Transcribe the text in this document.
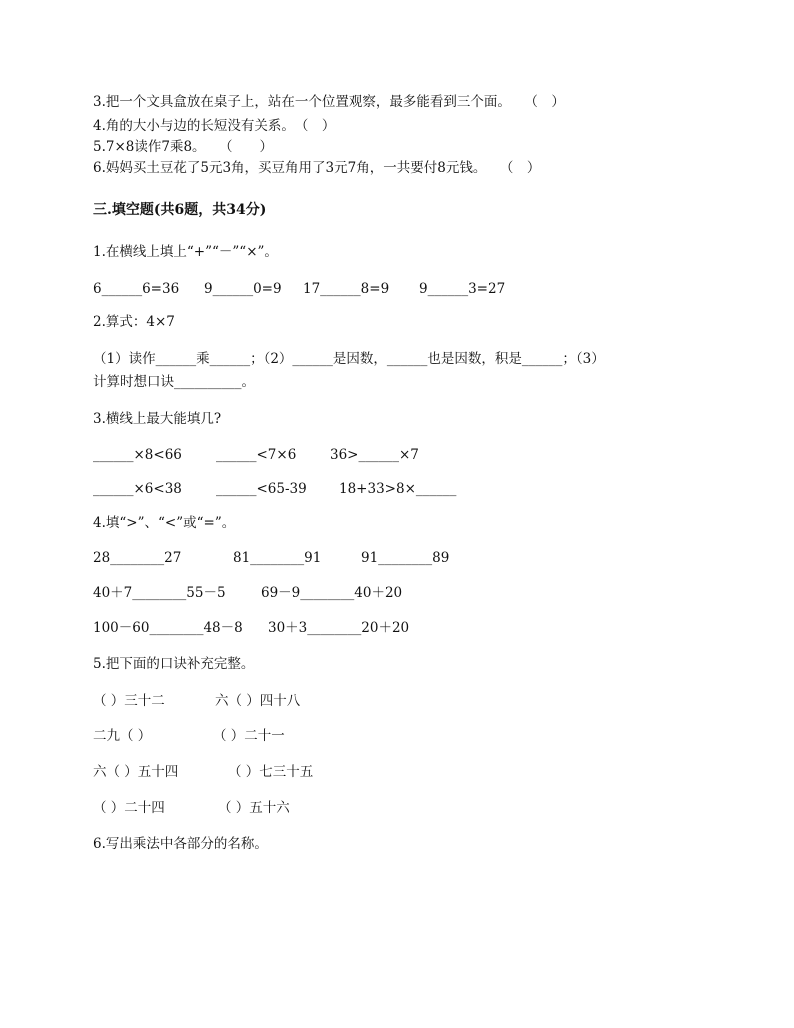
3.把一个文具盒放在桌子上，站在一个位置观察，最多能看到三个面。　　（　）
4.角的大小与边的长短没有关系。　（　）
5.7×8读作7乘8。　　（　　）
6.妈妈买土豆花了5元3角，买豆角用了3元7角，一共要付8元钱。　　（　）
三.填空题(共6题，共34分)
1.在横线上填上“+”“－”“×”。
6______6=36 9______0=9 17______8=9 9______3=27
2.算式：4×7
（1）读作______乘______；（2）______是因数，______也是因数，积是______；（3）
计算时想口诀__________。
3.横线上最大能填几?
______×8<66	______<7×6 36>______×7
______×6<38	______<65-39 18+33>8×______
4.填“>”、“<”或“=”。
28________27	81________91	91________89
40＋7________55－5	69－9________40＋20
100－60________48－8 30＋3________20＋20
5.把下面的口诀补充完整。
（ ）三十二	六（ ）四十八
二九（ ）	（ ）二十一
六（ ）五十四	（ ）七三十五
（ ）二十四	（ ）五十六
6.写出乘法中各部分的名称。
